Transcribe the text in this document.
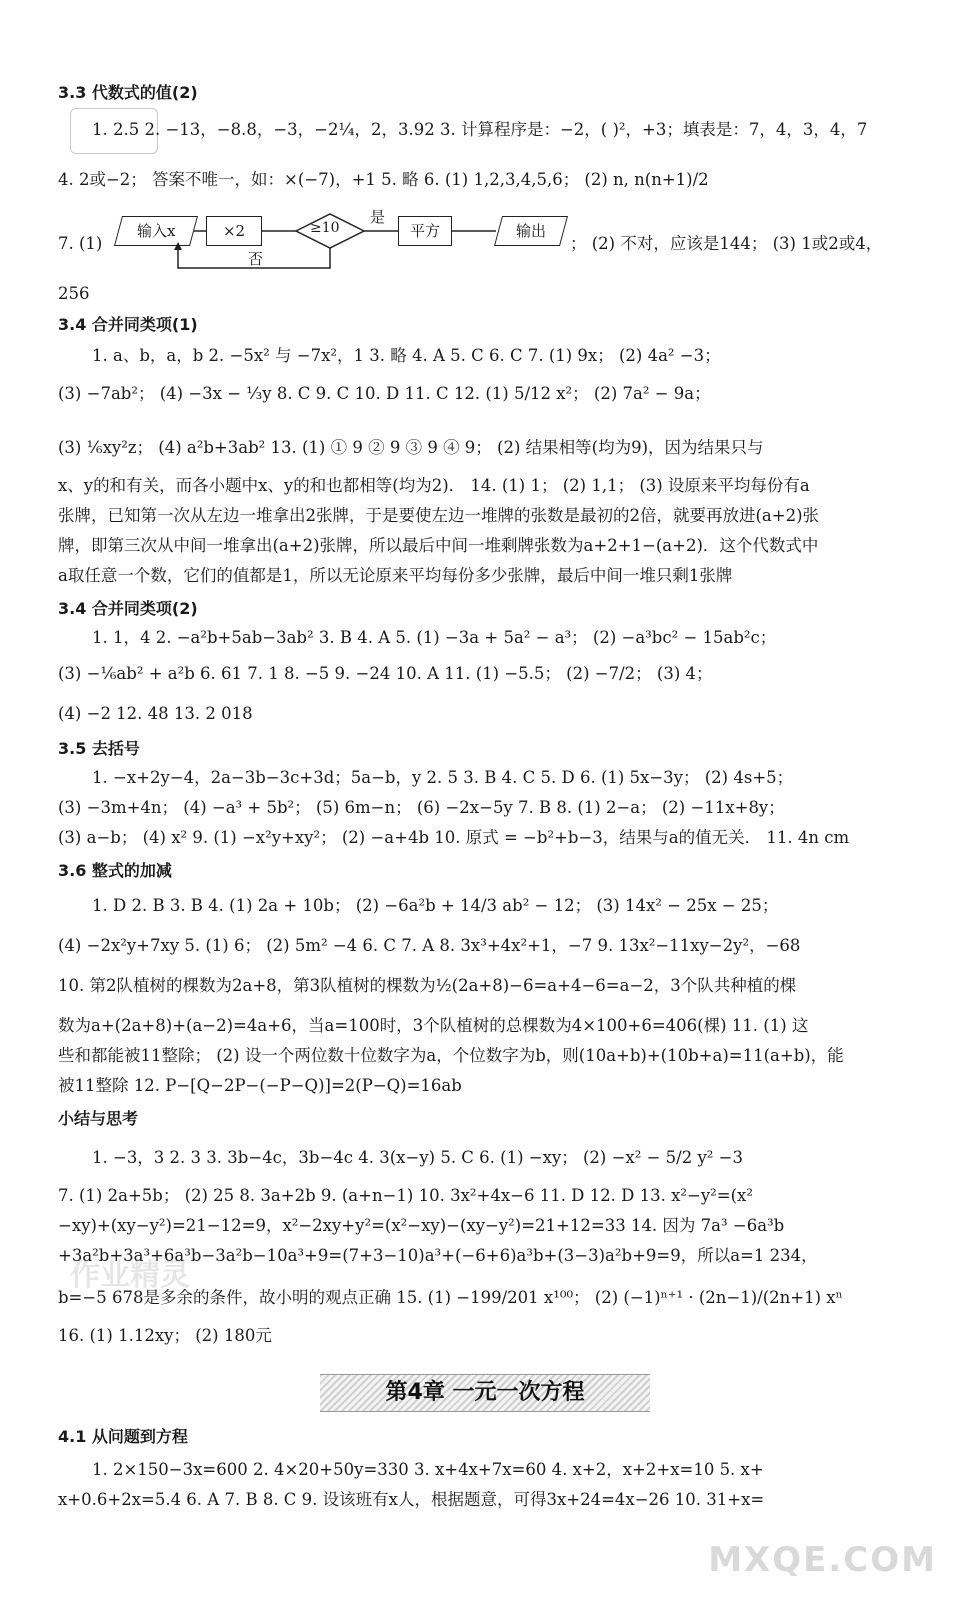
3.3 代数式的值(2)
1. 2.5 2. −13，−8.8，−3，−2¼，2，3.92 3. 计算程序是：−2，( )²，+3；填表是：7，4，3，4，7
4. 2或−2； 答案不唯一，如：×(−7)，+1 5. 略 6. (1) 1,2,3,4,5,6； (2) n, n(n+1)/2
7. (1)
输入x	×2	≥10
是
平方	输出
否
； (2) 不对，应该是144； (3) 1或2或4，
256
3.4 合并同类项(1)
1. a、b，a，b 2. −5x² 与 −7x²，1 3. 略 4. A 5. C 6. C 7. (1) 9x； (2) 4a² −3；
(3) −7ab²； (4) −3x − ⅓y 8. C 9. C 10. D 11. C 12. (1) 5/12 x²； (2) 7a² − 9a；
(3) ⅙xy²z； (4) a²b+3ab² 13. (1) ① 9 ② 9 ③ 9 ④ 9； (2) 结果相等(均为9)，因为结果只与
x、y的和有关，而各小题中x、y的和也都相等(均为2)． 14. (1) 1； (2) 1,1； (3) 设原来平均每份有a
张牌，已知第一次从左边一堆拿出2张牌，于是要使左边一堆牌的张数是最初的2倍，就要再放进(a+2)张
牌，即第三次从中间一堆拿出(a+2)张牌，所以最后中间一堆剩牌张数为a+2+1−(a+2)．这个代数式中
a取任意一个数，它们的值都是1，所以无论原来平均每份多少张牌，最后中间一堆只剩1张牌
3.4 合并同类项(2)
1. 1，4 2. −a²b+5ab−3ab² 3. B 4. A 5. (1) −3a + 5a² − a³； (2) −a³bc² − 15ab²c；
(3) −⅙ab² + a²b 6. 61 7. 1 8. −5 9. −24 10. A 11. (1) −5.5； (2) −7/2； (3) 4；
(4) −2 12. 48 13. 2 018
3.5 去括号
1. −x+2y−4，2a−3b−3c+3d；5a−b，y 2. 5 3. B 4. C 5. D 6. (1) 5x−3y； (2) 4s+5；
(3) −3m+4n； (4) −a³ + 5b²； (5) 6m−n； (6) −2x−5y 7. B 8. (1) 2−a； (2) −11x+8y；
(3) a−b； (4) x² 9. (1) −x²y+xy²； (2) −a+4b 10. 原式 = −b²+b−3，结果与a的值无关． 11. 4n cm
3.6 整式的加减
1. D 2. B 3. B 4. (1) 2a + 10b； (2) −6a²b + 14/3 ab² − 12； (3) 14x² − 25x − 25；
(4) −2x²y+7xy 5. (1) 6； (2) 5m² −4 6. C 7. A 8. 3x³+4x²+1，−7 9. 13x²−11xy−2y²，−68
10. 第2队植树的棵数为2a+8，第3队植树的棵数为½(2a+8)−6=a+4−6=a−2，3个队共种植的棵
数为a+(2a+8)+(a−2)=4a+6，当a=100时，3个队植树的总棵数为4×100+6=406(棵) 11. (1) 这
些和都能被11整除； (2) 设一个两位数十位数字为a，个位数字为b，则(10a+b)+(10b+a)=11(a+b)，能
被11整除 12. P−[Q−2P−(−P−Q)]=2(P−Q)=16ab
小结与思考
1. −3，3 2. 3 3. 3b−4c，3b−4c 4. 3(x−y) 5. C 6. (1) −xy； (2) −x² − 5/2 y² −3
7. (1) 2a+5b； (2) 25 8. 3a+2b 9. (a+n−1) 10. 3x²+4x−6 11. D 12. D 13. x²−y²=(x²
−xy)+(xy−y²)=21−12=9，x²−2xy+y²=(x²−xy)−(xy−y²)=21+12=33 14. 因为 7a³ −6a³b
+3a²b+3a³+6a³b−3a²b−10a³+9=(7+3−10)a³+(−6+6)a³b+(3−3)a²b+9=9，所以a=1 234，
b=−5 678是多余的条件，故小明的观点正确 15. (1) −199/201 x¹⁰⁰； (2) (−1)ⁿ⁺¹ · (2n−1)/(2n+1) xⁿ
16. (1) 1.12xy； (2) 180元
作业精灵
第4章 一元一次方程
4.1 从问题到方程
1. 2×150−3x=600 2. 4×20+50y=330 3. x+4x+7x=60 4. x+2，x+2+x=10 5. x+
x+0.6+2x=5.4 6. A 7. B 8. C 9. 设该班有x人，根据题意，可得3x+24=4x−26 10. 31+x=
MXQE.COM
